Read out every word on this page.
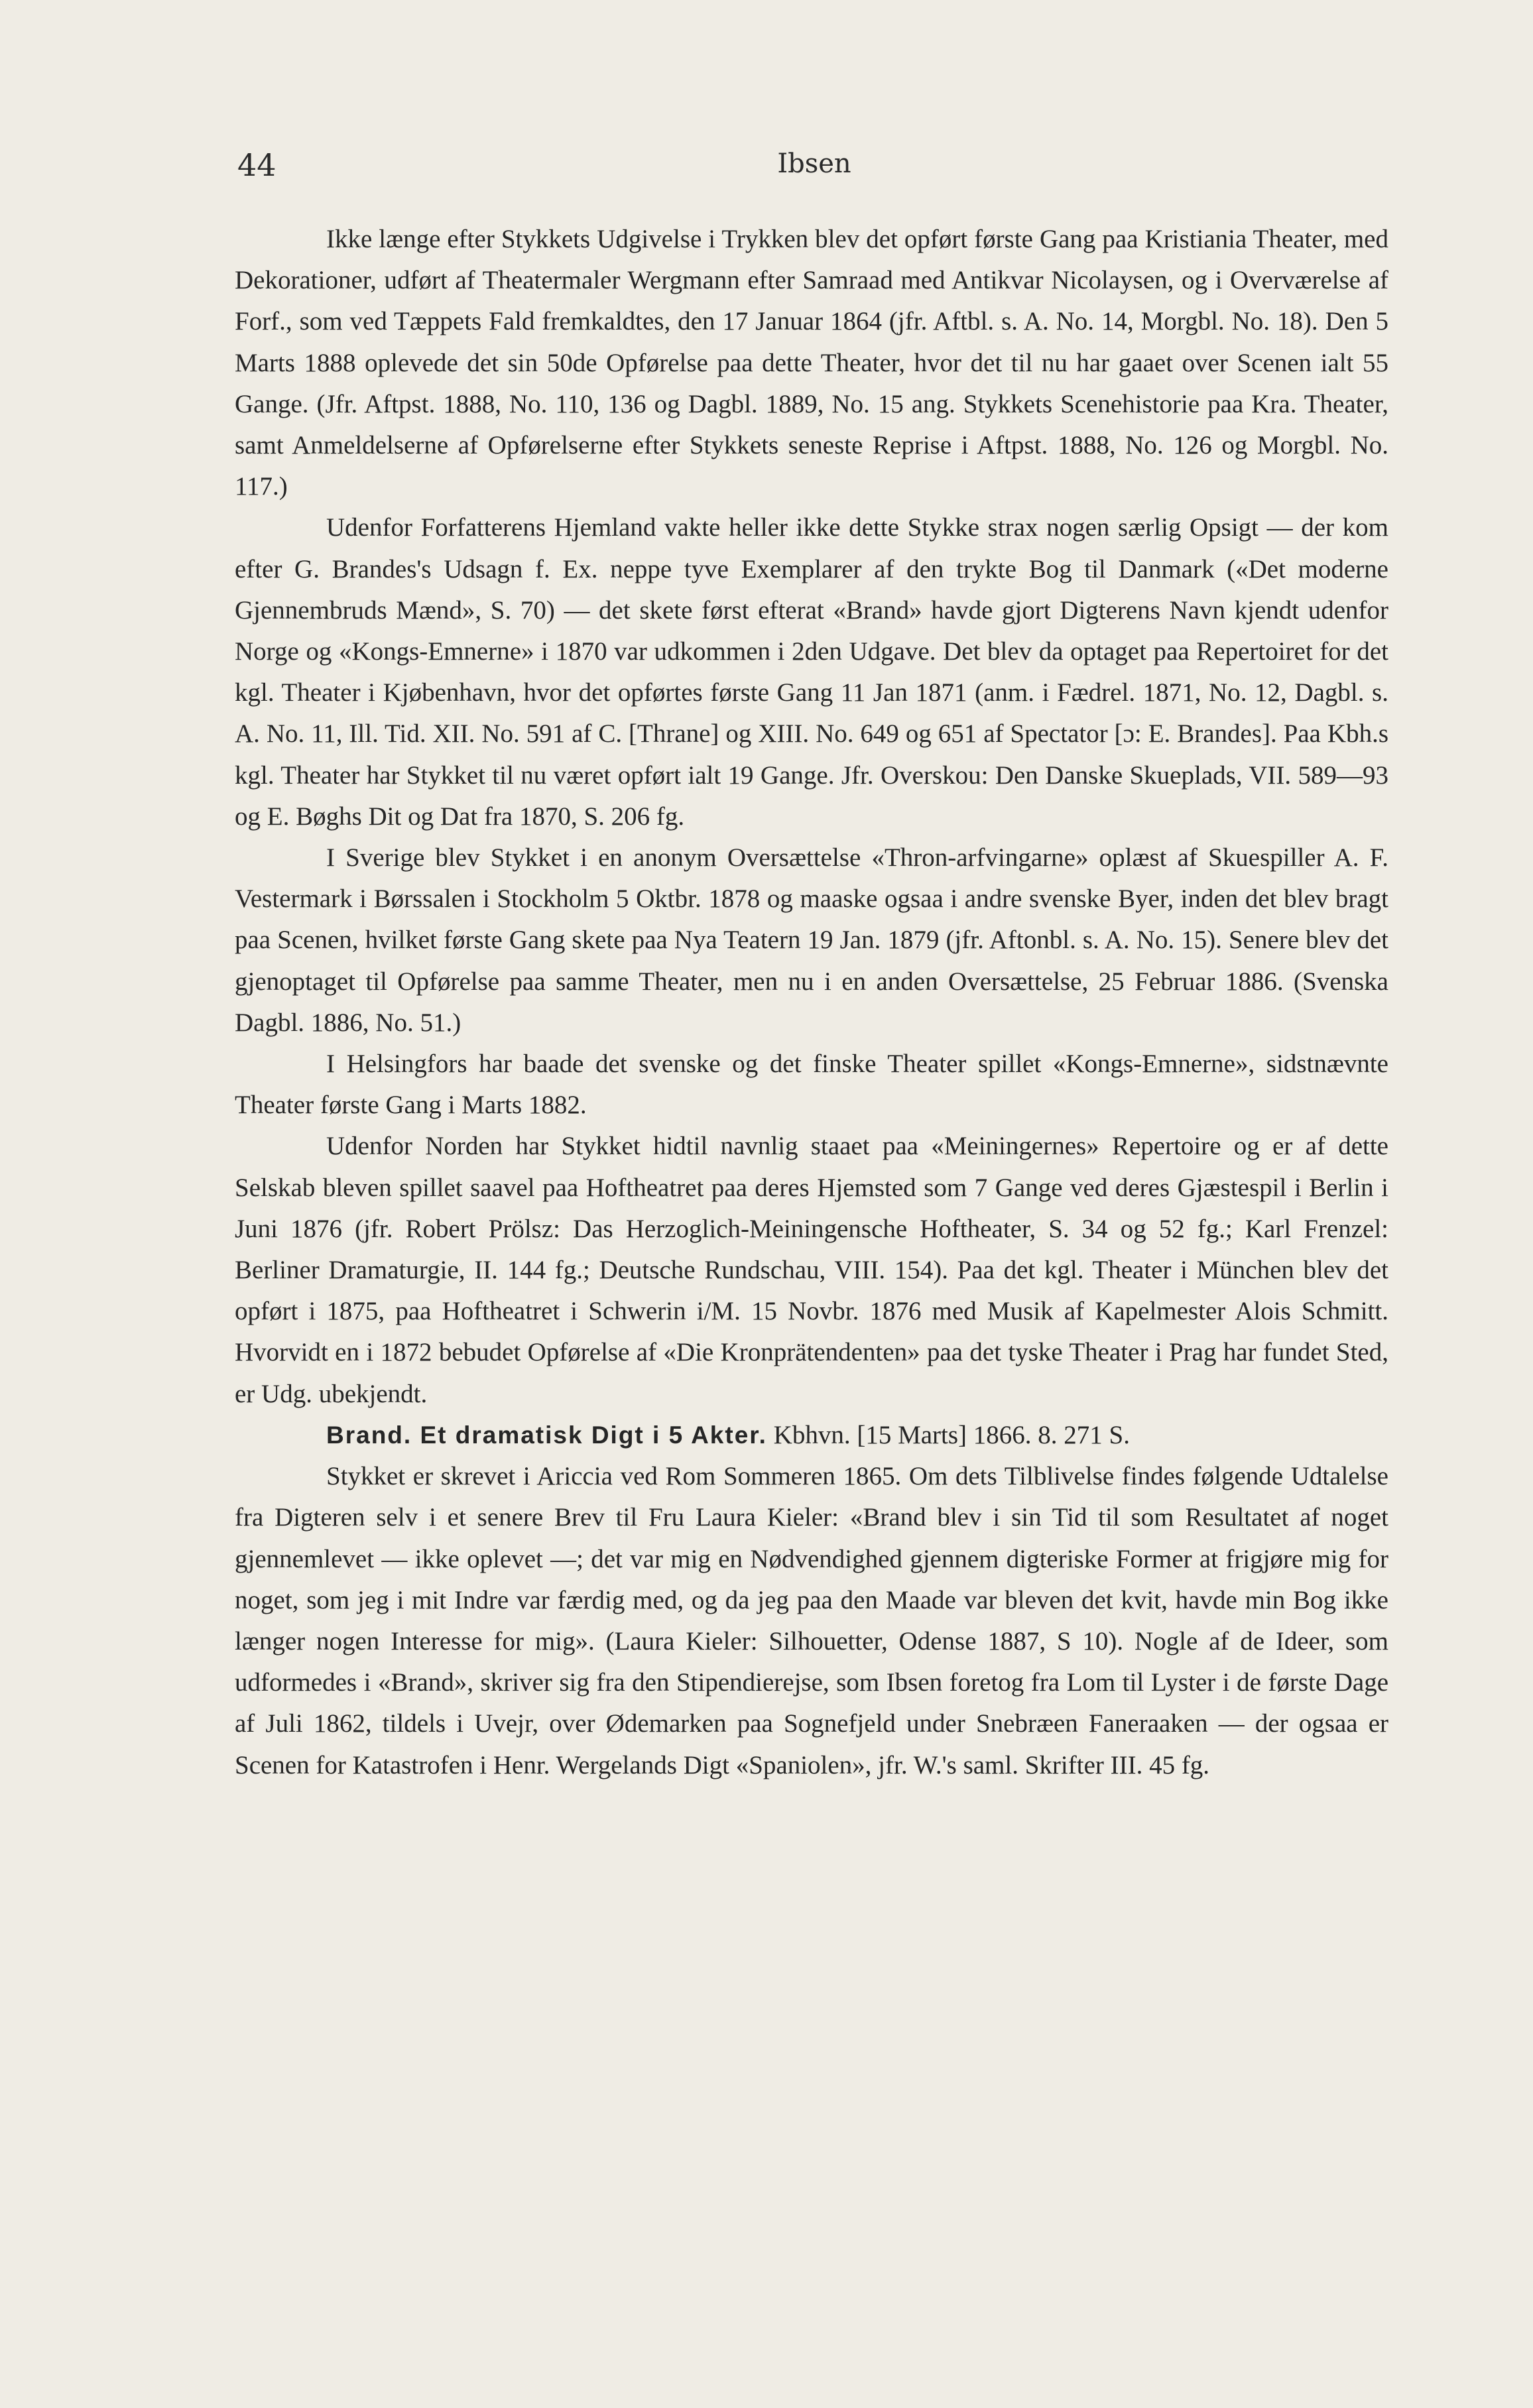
44	Ibsen

Ikke længe efter Stykkets Udgivelse i Trykken blev det opført første Gang paa Kristiania Theater, med Dekorationer, udført af Theatermaler Wergmann efter Samraad med Antikvar Nicolaysen, og i Overværelse af Forf., som ved Tæppets Fald fremkaldtes, den 17 Januar 1864 (jfr. Aftbl. s. A. No. 14, Morgbl. No. 18). Den 5 Marts 1888 oplevede det sin 50de Opførelse paa dette Theater, hvor det til nu har gaaet over Scenen ialt 55 Gange. (Jfr. Aftpst. 1888, No. 110, 136 og Dagbl. 1889, No. 15 ang. Stykkets Scenehistorie paa Kra. Theater, samt Anmeldelserne af Opførelserne efter Stykkets seneste Reprise i Aftpst. 1888, No. 126 og Morgbl. No. 117.)

Udenfor Forfatterens Hjemland vakte heller ikke dette Stykke strax nogen særlig Opsigt — der kom efter G. Brandes's Udsagn f. Ex. neppe tyve Exemplarer af den trykte Bog til Danmark («Det moderne Gjennembruds Mænd», S. 70) — det skete først efterat «Brand» havde gjort Digterens Navn kjendt udenfor Norge og «Kongs-Emnerne» i 1870 var udkommen i 2den Udgave. Det blev da optaget paa Repertoiret for det kgl. Theater i Kjøbenhavn, hvor det opførtes første Gang 11 Jan 1871 (anm. i Fædrel. 1871, No. 12, Dagbl. s. A. No. 11, Ill. Tid. XII. No. 591 af C. [Thrane] og XIII. No. 649 og 651 af Spectator [ɔ: E. Brandes]. Paa Kbh.s kgl. Theater har Stykket til nu været opført ialt 19 Gange. Jfr. Overskou: Den Danske Skueplads, VII. 589—93 og E. Bøghs Dit og Dat fra 1870, S. 206 fg.

I Sverige blev Stykket i en anonym Oversættelse «Thron-arfvingarne» oplæst af Skuespiller A. F. Vestermark i Børssalen i Stockholm 5 Oktbr. 1878 og maaske ogsaa i andre svenske Byer, inden det blev bragt paa Scenen, hvilket første Gang skete paa Nya Teatern 19 Jan. 1879 (jfr. Aftonbl. s. A. No. 15). Senere blev det gjenoptaget til Opførelse paa samme Theater, men nu i en anden Oversættelse, 25 Februar 1886. (Svenska Dagbl. 1886, No. 51.)

I Helsingfors har baade det svenske og det finske Theater spillet «Kongs-Emnerne», sidstnævnte Theater første Gang i Marts 1882.

Udenfor Norden har Stykket hidtil navnlig staaet paa «Meiningernes» Repertoire og er af dette Selskab bleven spillet saavel paa Hoftheatret paa deres Hjemsted som 7 Gange ved deres Gjæstespil i Berlin i Juni 1876 (jfr. Robert Prölsz: Das Herzoglich-Meiningensche Hoftheater, S. 34 og 52 fg.; Karl Frenzel: Berliner Dramaturgie, II. 144 fg.; Deutsche Rundschau, VIII. 154). Paa det kgl. Theater i München blev det opført i 1875, paa Hoftheatret i Schwerin i/M. 15 Novbr. 1876 med Musik af Kapelmester Alois Schmitt. Hvorvidt en i 1872 bebudet Opførelse af «Die Kronprätendenten» paa det tyske Theater i Prag har fundet Sted, er Udg. ubekjendt.

Brand. Et dramatisk Digt i 5 Akter. Kbhvn. [15 Marts] 1866. 8. 271 S.

Stykket er skrevet i Ariccia ved Rom Sommeren 1865. Om dets Tilblivelse findes følgende Udtalelse fra Digteren selv i et senere Brev til Fru Laura Kieler: «Brand blev i sin Tid til som Resultatet af noget gjennemlevet — ikke oplevet —; det var mig en Nødvendighed gjennem digteriske Former at frigjøre mig for noget, som jeg i mit Indre var færdig med, og da jeg paa den Maade var bleven det kvit, havde min Bog ikke længer nogen Interesse for mig». (Laura Kieler: Silhouetter, Odense 1887, S 10). Nogle af de Ideer, som udformedes i «Brand», skriver sig fra den Stipendierejse, som Ibsen foretog fra Lom til Lyster i de første Dage af Juli 1862, tildels i Uvejr, over Ødemarken paa Sognefjeld under Snebræen Faneraaken — der ogsaa er Scenen for Katastrofen i Henr. Wergelands Digt «Spaniolen», jfr. W.'s saml. Skrifter III. 45 fg.
